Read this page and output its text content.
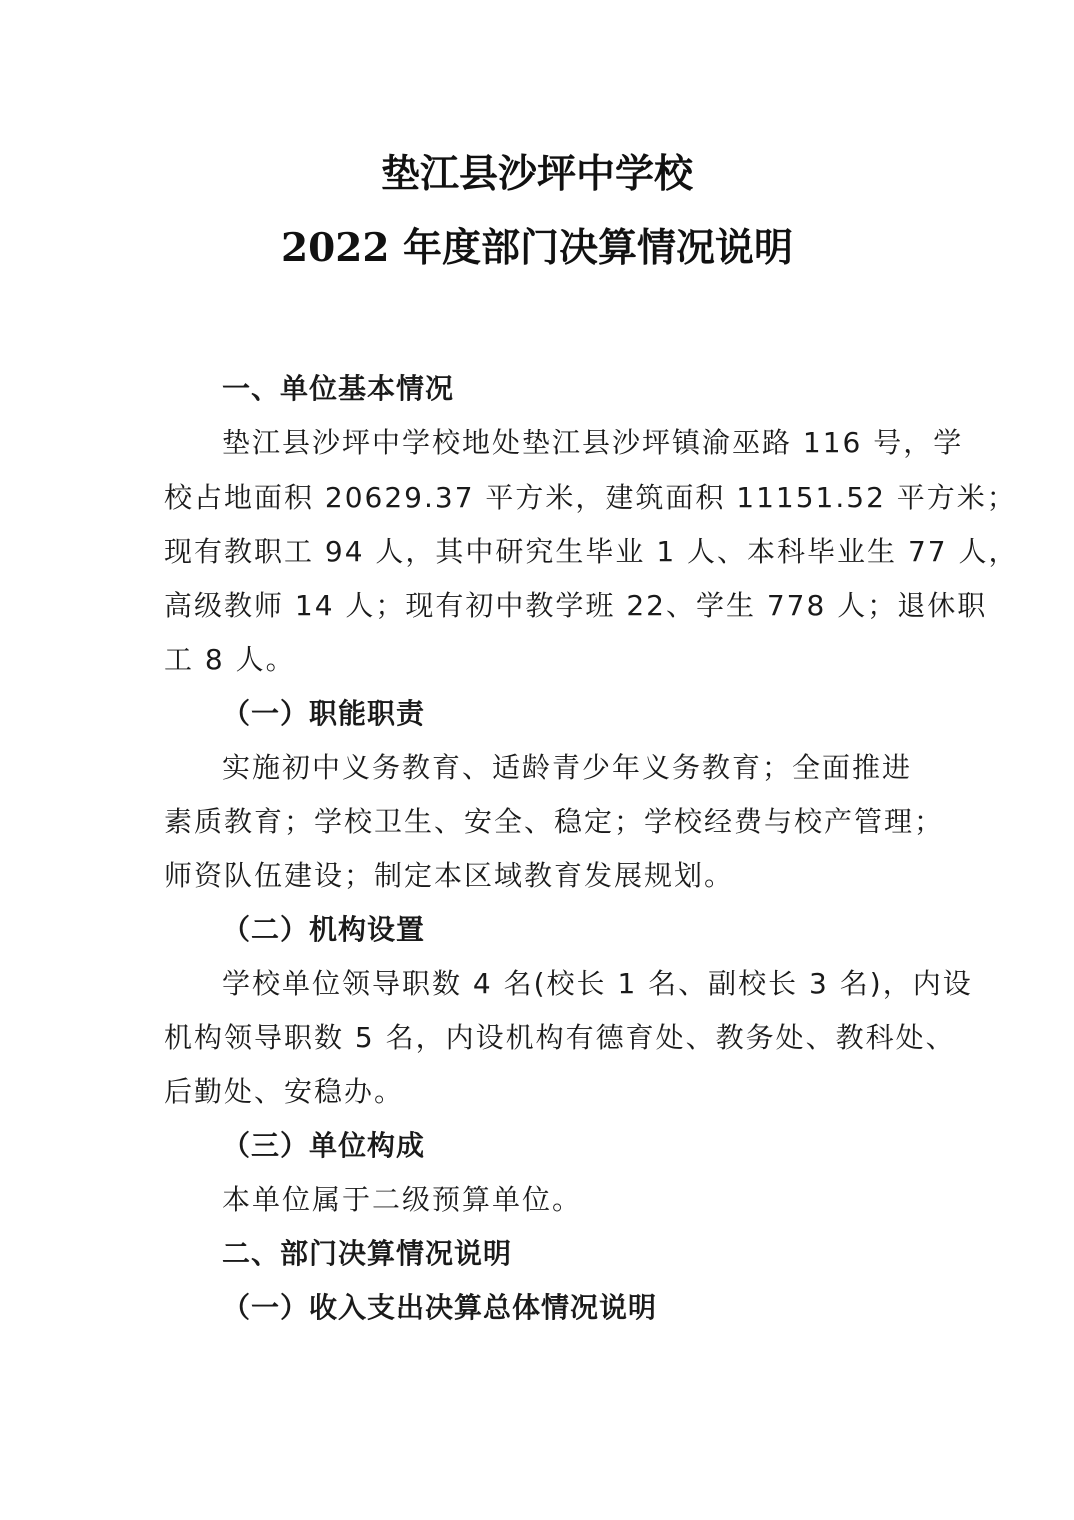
垫江县沙坪中学校
2022 年度部门决算情况说明
一、单位基本情况
垫江县沙坪中学校地处垫江县沙坪镇渝巫路 116 号，学
校占地面积 20629.37 平方米，建筑面积 11151.52 平方米；
现有教职工 94 人，其中研究生毕业 1 人、本科毕业生 77 人，
高级教师 14 人；现有初中教学班 22、学生 778 人；退休职
工 8 人。
（一）职能职责
实施初中义务教育、适龄青少年义务教育；全面推进
素质教育；学校卫生、安全、稳定；学校经费与校产管理；
师资队伍建设；制定本区域教育发展规划。
（二）机构设置
学校单位领导职数 4 名(校长 1 名、副校长 3 名)，内设
机构领导职数 5 名，内设机构有德育处、教务处、教科处、
后勤处、安稳办。
（三）单位构成
本单位属于二级预算单位。
二、部门决算情况说明
（一）收入支出决算总体情况说明
